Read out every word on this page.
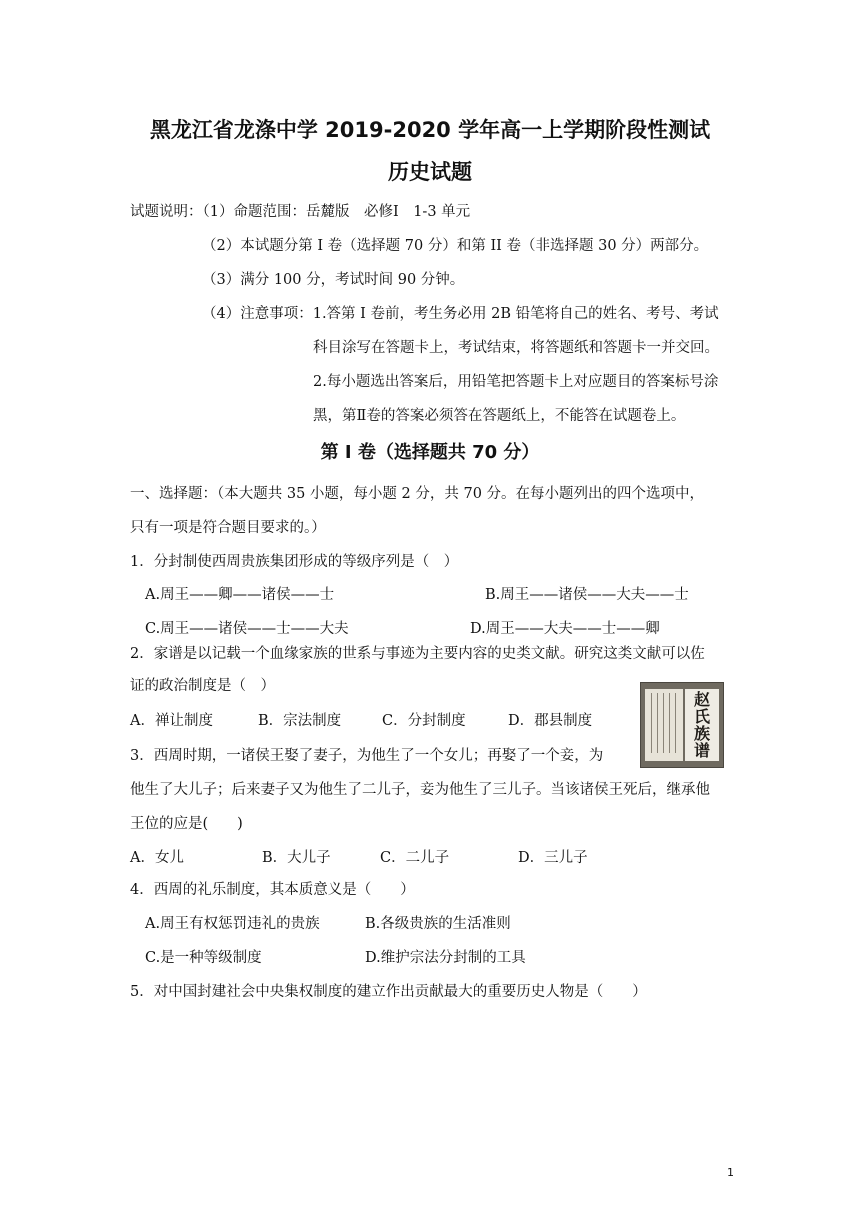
黑龙江省龙涤中学 2019-2020 学年高一上学期阶段性测试
历史试题
试题说明：（1）命题范围：岳麓版　必修Ⅰ　1-3 单元
（2）本试题分第 I 卷（选择题 70 分）和第 II 卷（非选择题 30 分）两部分。
（3）满分 100 分，考试时间 90 分钟。
（4）注意事项：1.答第 I 卷前，考生务必用 2B 铅笔将自己的姓名、考号、考试
科目涂写在答题卡上，考试结束，将答题纸和答题卡一并交回。
2.每小题选出答案后，用铅笔把答题卡上对应题目的答案标号涂
黑，第Ⅱ卷的答案必须答在答题纸上，不能答在试题卷上。
第 I 卷（选择题共 70 分）
一、选择题：（本大题共 35 小题，每小题 2 分，共 70 分。在每小题列出的四个选项中，
只有一项是符合题目要求的。）
1．分封制使西周贵族集团形成的等级序列是（　）
A.周王——卿——诸侯——士	B.周王——诸侯——大夫——士
C.周王——诸侯——士——大夫	D.周王——大夫——士——卿
2．家谱是以记载一个血缘家族的世系与事迹为主要内容的史类文献。研究这类文献可以佐
证的政治制度是（　）
A．禅让制度	B．宗法制度	C．分封制度	D．郡县制度
赵氏族谱
3．西周时期，一诸侯王娶了妻子，为他生了一个女儿；再娶了一个妾，为
他生了大儿子；后来妻子又为他生了二儿子，妾为他生了三儿子。当该诸侯王死后，继承他
王位的应是(　　)
A．女儿	B．大儿子	C．二儿子	D．三儿子
4．西周的礼乐制度，其本质意义是（　　）
A.周王有权惩罚违礼的贵族	B.各级贵族的生活准则
C.是一种等级制度	D.维护宗法分封制的工具
5．对中国封建社会中央集权制度的建立作出贡献最大的重要历史人物是（　　）
1
